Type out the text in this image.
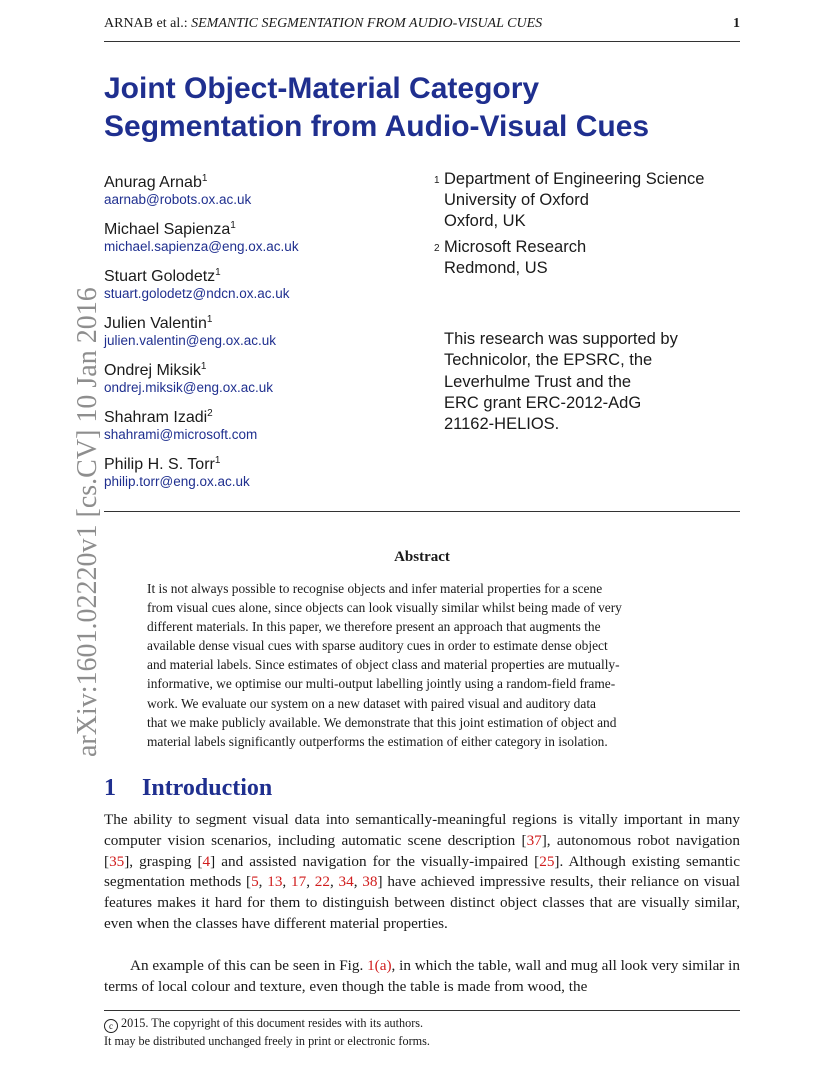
ARNAB et al.: SEMANTIC SEGMENTATION FROM AUDIO-VISUAL CUES	1
Joint Object-Material Category
Segmentation from Audio-Visual Cues
Anurag Arnab$^1$
aarnab@robots.ox.ac.uk
Michael Sapienza$^1$
michael.sapienza@eng.ox.ac.uk
Stuart Golodetz$^1$
stuart.golodetz@ndcn.ox.ac.uk
Julien Valentin$^1$
julien.valentin@eng.ox.ac.uk
Ondrej Miksik$^1$
ondrej.miksik@eng.ox.ac.uk
Shahram Izadi$^2$
shahrami@microsoft.com
Philip H. S. Torr$^1$
philip.torr@eng.ox.ac.uk
1 Department of Engineering Science
University of Oxford
Oxford, UK
2 Microsoft Research
Redmond, US
This research was supported by
Technicolor, the EPSRC, the
Leverhulme Trust and the
ERC grant ERC-2012-AdG
21162-HELIOS.
arXiv:1601.02220v1 [cs.CV] 10 Jan 2016	Abstract
It is not always possible to recognise objects and infer material properties for a scene
from visual cues alone, since objects can look visually similar whilst being made of very
different materials. In this paper, we therefore present an approach that augments the
available dense visual cues with sparse auditory cues in order to estimate dense object
and material labels. Since estimates of object class and material properties are mutually-
informative, we optimise our multi-output labelling jointly using a random-field frame-
work. We evaluate our system on a new dataset with paired visual and auditory data
that we make publicly available. We demonstrate that this joint estimation of object and
material labels significantly outperforms the estimation of either category in isolation.
1 Introduction
The ability to segment visual data into semantically-meaningful regions is vitally important in many computer vision scenarios, including automatic scene description [37], autonomous robot navigation [35], grasping [4] and assisted navigation for the visually-impaired [25]. Although existing semantic segmentation methods [5, 13, 17, 22, 34, 38] have achieved impressive results, their reliance on visual features makes it hard for them to distinguish between distinct object classes that are visually similar, even when the classes have different material properties.
An example of this can be seen in Fig. 1(a), in which the table, wall and mug all look very similar in terms of local colour and texture, even though the table is made from wood, the
c 2015. The copyright of this document resides with its authors.
It may be distributed unchanged freely in print or electronic forms.
